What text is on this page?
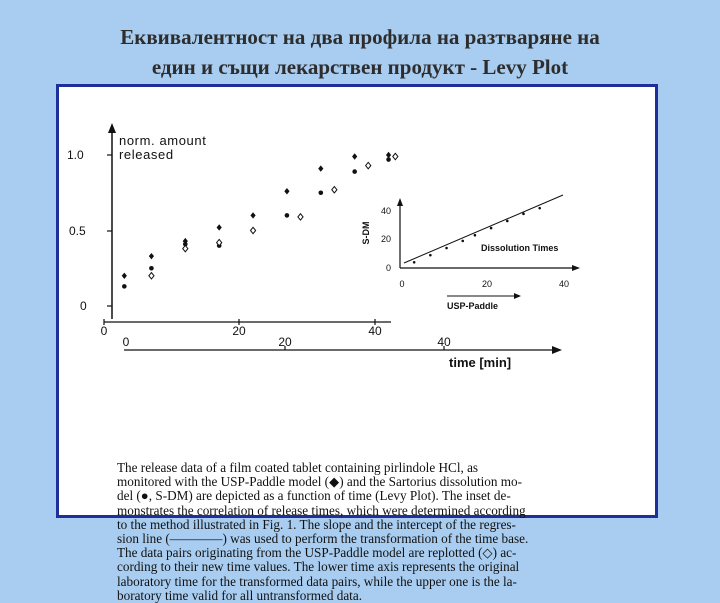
Еквивалентност на два профила на разтваряне на
един и същи лекарствен продукт - Levy Plot
1.0
0.5
0
norm. amount
released
0	20	40
0	20	40
time [min]
S-DM
40
20
0
0	20	40
USP-Paddle
Dissolution Times
The release data of a film coated tablet containing pirlindole HCl, as
monitored with the USP-Paddle model (◆) and the Sartorius dissolution mo-
del (●, S-DM) are depicted as a function of time (Levy Plot). The inset de-
monstrates the correlation of release times, which were determined according
to the method illustrated in Fig. 1. The slope and the intercept of the regres-
sion line (————) was used to perform the transformation of the time base.
The data pairs originating from the USP-Paddle model are replotted (◇) ac-
cording to their new time values. The lower time axis represents the original
laboratory time for the transformed data pairs, while the upper one is the la-
boratory time valid for all untransformed data.
